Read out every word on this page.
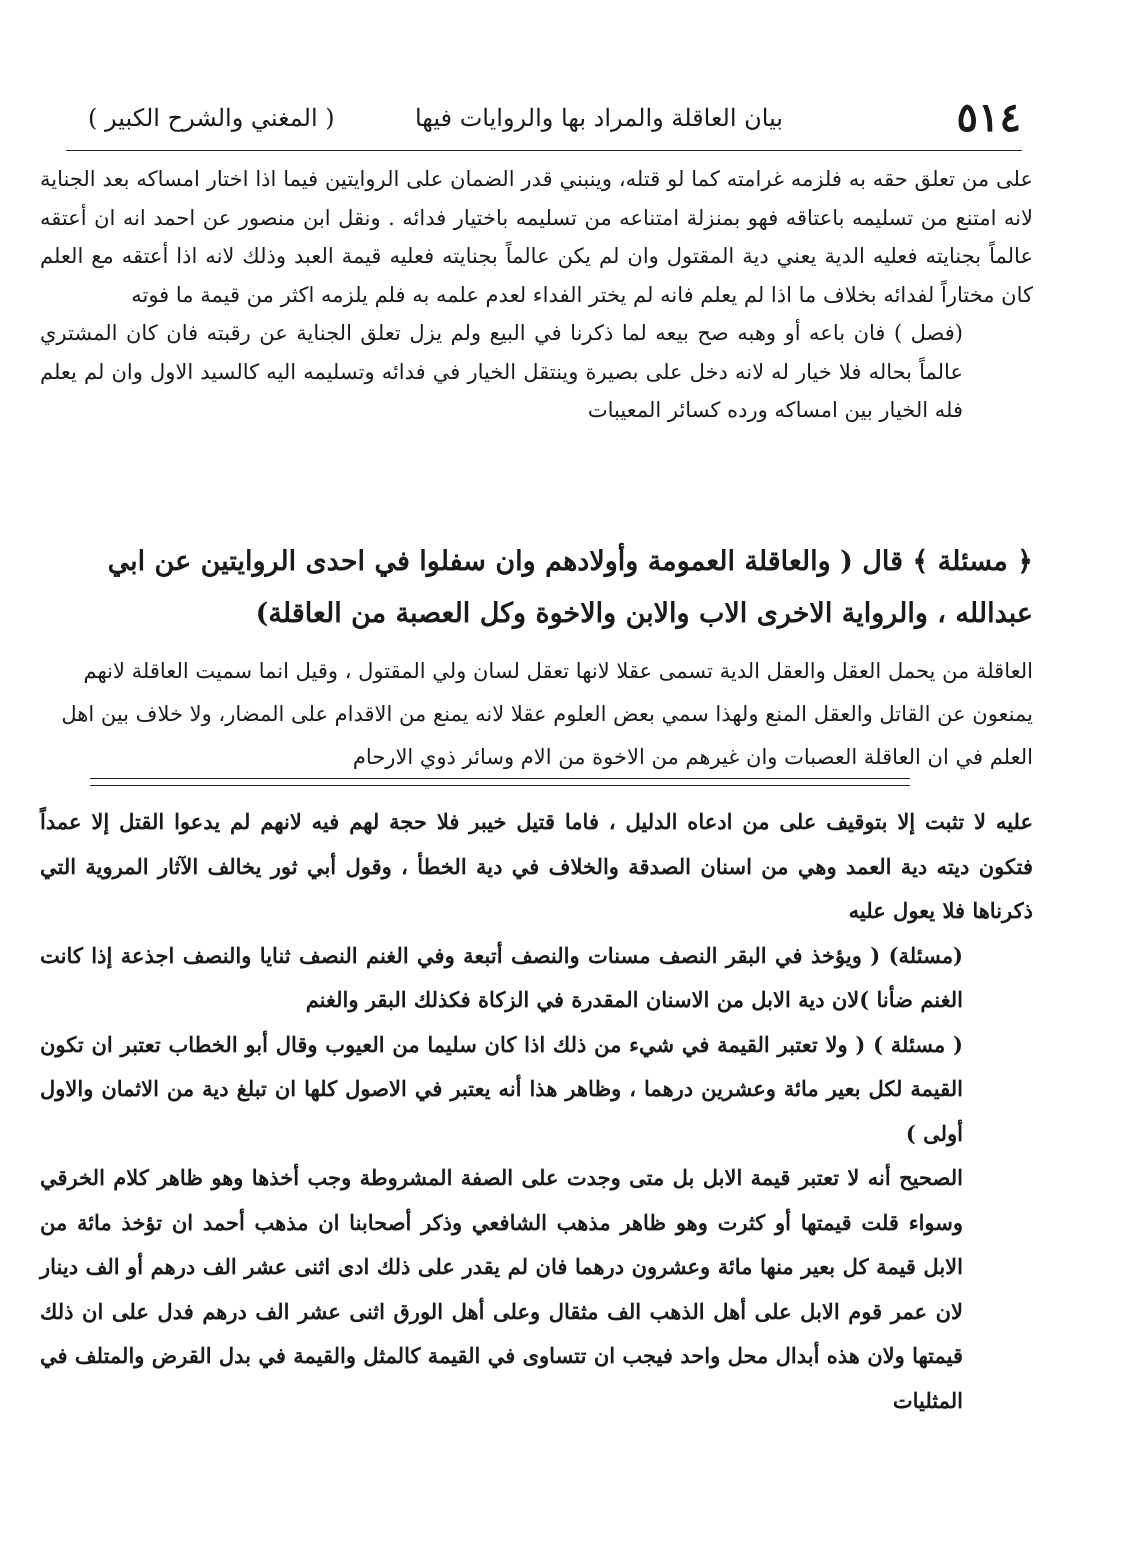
٥١٤
بيان العاقلة والمراد بها والروايات فيها
( المغني والشرح الكبير )

على من تعلق حقه به فلزمه غرامته كما لو قتله، وينبني قدر الضمان على الروايتين فيما اذا اختار امساكه بعد الجناية لانه امتنع من تسليمه باعتاقه فهو بمنزلة امتناعه من تسليمه باختيار فدائه . ونقل ابن منصور عن احمد انه ان أعتقه عالماً بجنايته فعليه الدية يعني دية المقتول وان لم يكن عالماً بجنايته فعليه قيمة العبد وذلك لانه اذا أعتقه مع العلم كان مختاراً لفدائه بخلاف ما اذا لم يعلم فانه لم يختر الفداء لعدم علمه به فلم يلزمه اكثر من قيمة ما فوته

(فصل ) فان باعه أو وهبه صح بيعه لما ذكرنا في البيع ولم يزل تعلق الجناية عن رقبته فان كان المشتري عالماً بحاله فلا خيار له لانه دخل على بصيرة وينتقل الخيار في فدائه وتسليمه اليه كالسيد الاول وان لم يعلم فله الخيار بين امساكه ورده كسائر المعيبات

﴿ مسئلة ﴾ قال ( والعاقلة العمومة وأولادهم وان سفلوا في احدى الروايتين عن ابي عبدالله ، والرواية الاخرى الاب والابن والاخوة وكل العصبة من العاقلة)
العاقلة من يحمل العقل والعقل الدية تسمى عقلا لانها تعقل لسان ولي المقتول ، وقيل انما سميت العاقلة لانهم يمنعون عن القاتل والعقل المنع ولهذا سمي بعض العلوم عقلا لانه يمنع من الاقدام على المضار، ولا خلاف بين اهل العلم في ان العاقلة العصبات وان غيرهم من الاخوة من الام وسائر ذوي الارحام

عليه لا تثبت إلا بتوقيف على من ادعاه الدليل ، فاما قتيل خيبر فلا حجة لهم فيه لانهم لم يدعوا القتل إلا عمداً فتكون ديته دية العمد وهي من اسنان الصدقة والخلاف في دية الخطأ ، وقول أبي ثور يخالف الآثار المروية التي ذكرناها فلا يعول عليه

(مسئلة) ( ويؤخذ في البقر النصف مسنات والنصف أتبعة وفي الغنم النصف ثنايا والنصف اجذعة إذا كانت الغنم ضأنا )لان دية الابل من الاسنان المقدرة في الزكاة فكذلك البقر والغنم

( مسئلة ) ( ولا تعتبر القيمة في شيء من ذلك اذا كان سليما من العيوب وقال أبو الخطاب تعتبر ان تكون القيمة لكل بعير مائة وعشرين درهما ، وظاهر هذا أنه يعتبر في الاصول كلها ان تبلغ دية من الاثمان والاول أولى )

الصحيح أنه لا تعتبر قيمة الابل بل متى وجدت على الصفة المشروطة وجب أخذها وهو ظاهر كلام الخرقي وسواء قلت قيمتها أو كثرت وهو ظاهر مذهب الشافعي وذكر أصحابنا ان مذهب أحمد ان تؤخذ مائة من الابل قيمة كل بعير منها مائة وعشرون درهما فان لم يقدر على ذلك ادى اثنى عشر الف درهم أو الف دينار لان عمر قوم الابل على أهل الذهب الف مثقال وعلى أهل الورق اثنى عشر الف درهم فدل على ان ذلك قيمتها ولان هذه أبدال محل واحد فيجب ان تتساوى في القيمة كالمثل والقيمة في بدل القرض والمتلف في المثليات
